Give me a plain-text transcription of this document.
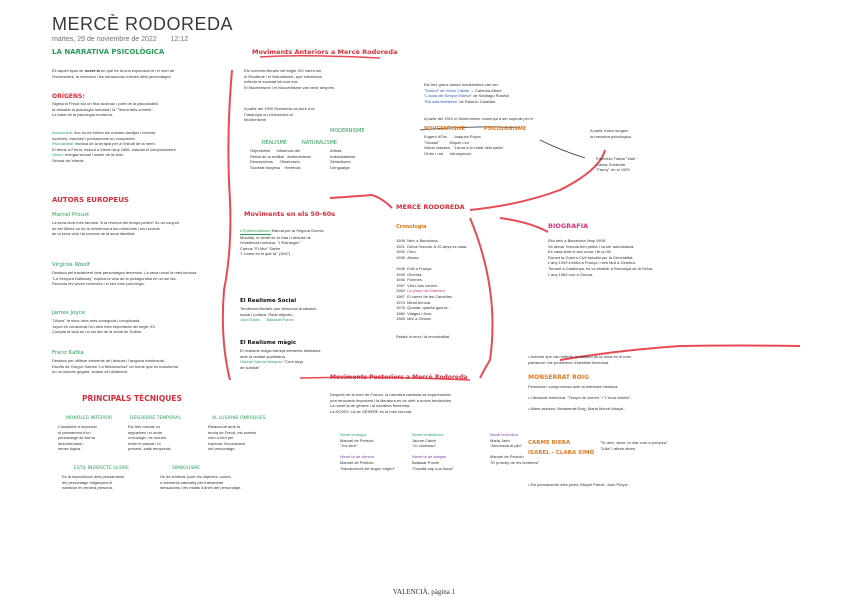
MERCÈ RODOREDA
martes, 29 de noviembre de 2022 12:12
LA NARRATIVA PSICOLÒGICA
És aquell tipus de novel·la en què es fa una exploració en el món de
l'inconscient, la memòria i les sensacions íntimes dels personatges.
ORÍGENS:
Sigmund Freud fou un físic austríac i pare de la psicoanàlisi
fa estudiat la psicologia humana i la "Teoria dels somnis".
La base de la psicologia moderna.
Inconscient: lloc on es troben els nostres desitjos i records
reprimits, traumes i pensaments no conscients.
Psicoanàlisi: tècnica de la teràpia per a l'estudi de la ment.
El terme a Freud, nascut a Viena l'any 1856, estudia el comportament
Libido: energia sexual i instint de la vida.
Sexual del infants.
AUTORS EUROPEUS
Marcel Proust
La seva obra més famosa "A la recerca del temps perdut" és un conjunt
de set llibres on es fa referència a les memòries i els records
de la seva vida i la recerca de la seva identitat.
Virginia Woolf
Destaca pel tractament dels personatges femenins. La seva novel·la més famosa
"La Senyora Dalloway" explica la vida de la protagonista en un sol dia.
Recorda les seves vivències i el seu món psicològic.
James Joyce
"Ulises" la seva obra més coneguda i complicada.
Joyce és considerat l'un dels més importants del segle XX.
Compta la vida en un sol dia de la ciutat de Dublín.
Franz Kafka
Destaca per utilitzar elements de l'absurd i l'angoixa existencial.
Escrits de Gregor Samsa "La Metamorfosi" un home que es transforma
en un insecte gegant, símbol del aïllament.
PRINCIPALS TÈCNIQUES
MONÒLEG INTERIOR
Consisteix a reproduir
el pensament d'un
personatge de forma
desordenada i
sense lògica.
DESORDRE TEMPORAL
Els fets narrats no
segueixen un ordre
cronològic, es mouen
entre el passat i el
present, salts temporals.
AL·LUSIONS ONÍRIQUES
Relacionat amb la
teoria de Freud, els somnis
com a font per
explorar l'inconscient
del personatge.
ESTIL INDIRECTE LLIURE
Es la reproducció dels pensaments
del personatge mitjançant el
narrador en tercera persona.
SIMBOLISME
Ús de símbols (com els objectes, colors,
o elements naturals) per transmetre
sensacions i els estats d'ànim del personatge.
Moviments Anteriors a Mercè Rodoreda
Els corrents literaris del segle XIX varen ser
el Realisme i el Naturalisme, que intentaven
reflectir la societat tal com era.
El Modernisme i el Noucentisme van venir després.
A partir del 1900 Rodoreda va viure a la
Catalunya on s'introdueix el
Modernisme.
REALISME	NATURALISME
Objectivitat      Influència del
Retrat de la realitat   determinisme
Descripcions      Observació
Societat burgesa    Herència
MODERNISME
Artista
Individualisme
Simbolisme
Llenguatge
Els tres grans autors modernistes van ser:
"Solitud" de Víctor Català → Caterina Albert
"L'auca del Senyor Esteve" de Santiago Rusiñol
"Els sots feréstecs" de Raimon Casellas
A partir del 1910 el Modernisme comença a ser superat per el
NOUCENTISME	PSICOLOGISME
Eugeni d'Ors      Joaquim Ruyra
"Glosari"         Miquel Llor
Valors clàssics   "Laura a la ciutat dels sants"
Ordre i raó      Introspecció
A partir d'això sorgeix
la narrativa psicològica.
Francesc Trabal "Vals"
Carles Soldevila
"Fanny" en el 1929
Moviments en els 50-60s
L'Existencialisme Marcat per la Segona Guerra
Mundial, el sentit de la vida i l'absurd de
l'existència humana. "L'Estranger"
Camus "El Mur" Sartre
"L'home és el que fa" (1947)
El Realisme Social
Tendència literària que denuncia la situació
social i política. Relat objectiu.
Joan Sales Baltasar Porcel
El Realisme màgic
El realisme màgic barreja elements fantàstics
amb la realitat quotidiana.
Gabriel García Márquez "Cent anys
de soledat"
MERCÈ RODOREDA
Cronologia
1908  Neix a Barcelona.
1921  Deixa l'escola. A 20 anys es casa.
1930  Crim.
1936  Aloma.

1938  Exili a França.
1939  Ginebra.
1946  Poemes.
1957  Vint-i-dos contes.
1962 La plaça del Diamant.
1967  El carrer de les Camèlies.
1974  Mirall trencat.
1978  Quanta, quanta guerra...
1980  Viatges i flors.
1983  Mor a Girona.
Relata la mort i la immortalitat.
BIOGRAFIA
Ella neix a Barcelona l'any 1908.
Va deixar l'escola ben petita i va ser autodidacta.
Es casa amb el seu oncle i té un fill.
Durant la Guerra Civil treballa per la Generalitat.
L'any 1939 s'exilia a França i més tard a Ginebra.
Tornant a Catalunya, es va establir a Romanyà de la Selva.
L'any 1983 mor a Girona.
Moviments Posteriors a Mercè Rodoreda
Després de la mort de Franco, la narrativa catalana va experimentar
una renovació important i la literatura es va obrir a noves tendències.
La novel·la de gènere i la narrativa femenina.
La NOVEL·LA de GÈNERE és la més venuda.
Novel·la negra
Manuel de Pedrolo
"Joc brut"

Novel·la de ciència
Manuel de Pedrolo
"Mecanoscrit del segon origen"
Novel·la històrica
Jaume Cabré
"Jo confesso"

Novel·la de viatges
Baltasar Porcel
"Cavalls cap a la fosca"
Novel·la eròtica
Maria Jaén
"Amorrada al piló"

Manuel de Pedrolo
"El príncep de les tenebres"
• Autores que van reflectir la situació de la dona en el món
patriarcal i els problemes d'identitat femenina.
MONSERRAT ROIG
Feminista i compromesa amb la memòria històrica.

• Literatura femenina: "Temps de cireres" i "L'hora violeta".

• Altres autores: Montserrat Roig, Maria Mercè Marçal...
CARME RIERA
ISABEL - CLARA SIMÓ
"Te deix, amor, la mar com a penyora"
"Júlia" i altres obres.
• Els pensaments més joves: Miquel Pairolí, Joan Pinyol...
VALENCIÀ, página 1
